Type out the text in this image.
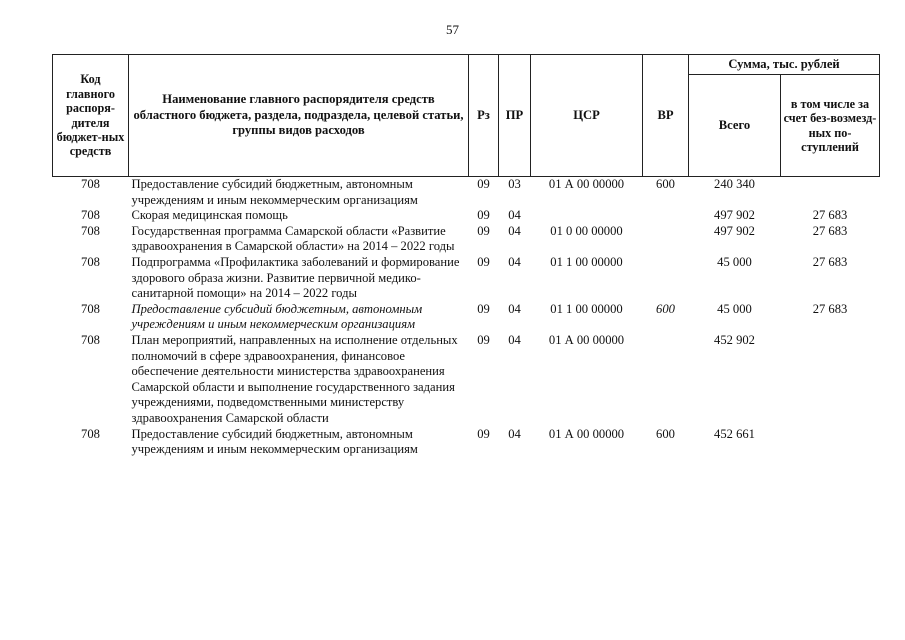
57
Код главного распоря-дителя бюджет-ных средств	Наименование главного распорядителя средств областного бюджета, раздела, подраздела, целевой статьи, группы видов расходов	Рз	ПР	ЦСР	ВР	Сумма, тыс. рублей	
						Всего	в том числе за счет без-возмезд-ных по-ступлений
708	Предоставление субсидий бюджетным, автономным учреждениям и иным некоммерческим организациям	09	03	01 А 00 00000	600	240 340	
708	Скорая медицинская помощь	09	04			497 902	27 683
708	Государственная программа Самарской области «Развитие здравоохранения в Самарской области» на 2014 – 2022 годы	09	04	01 0 00 00000		497 902	27 683
708	Подпрограмма «Профилактика заболеваний и формирование здорового образа жизни. Развитие первичной медико-санитарной помощи» на 2014 – 2022 годы	09	04	01 1 00 00000		45 000	27 683
708	Предоставление субсидий бюджетным, автономным учреждениям и иным некоммерческим организациям	09	04	01 1 00 00000	600	45 000	27 683
708	План мероприятий, направленных на исполнение отдельных полномочий в сфере здравоохранения, финансовое обеспечение деятельности министерства здравоохранения Самарской области и выполнение государственного задания учреждениями, подведомственными министерству здравоохранения Самарской области	09	04	01 А 00 00000		452 902	
708	Предоставление субсидий бюджетным, автономным учреждениям и иным некоммерческим организациям	09	04	01 А 00 00000	600	452 661	
